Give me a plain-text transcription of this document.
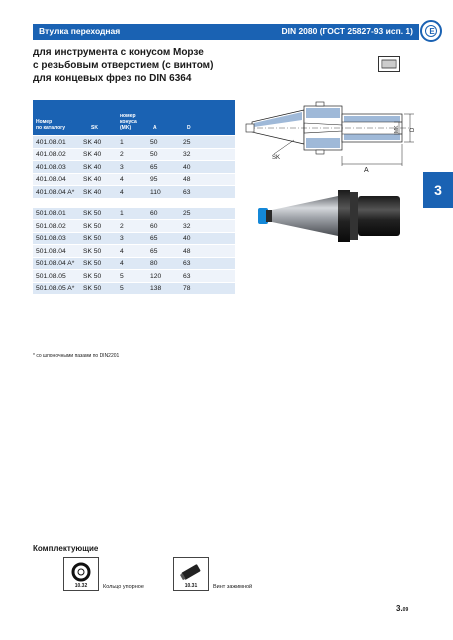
Втулка переходная	DIN 2080 (ГОСТ 25827-93 исп. 1)	E
для инструмента с конусом Морзе
с резьбовым отверстием (с винтом)
для концевых фрез по DIN 6364
Номер
по каталогу	SK
номер
конуса
(MK)	A	D
401.08.01	SK 40	1	50	25
401.08.02	SK 40	2	50	32
401.08.03	SK 40	3	65	40
401.08.04	SK 40	4	95	48
401.08.04 A* SK 40	4	110	63
501.08.01	SK 50	1	60	25
501.08.02	SK 50	2	60	32
501.08.03	SK 50	3	65	40
501.08.04	SK 50	4	65	48
501.08.04 A* SK 50	4	80	63
501.08.05	SK 50	5	120	63
501.08.05 A* SK 50	5	138	78
A
SK
MK D
3
* со шпоночными пазами по DIN2201
Комплектующие
10.32	Кольцо упорное	10.31	Винт зажимной
3.09
